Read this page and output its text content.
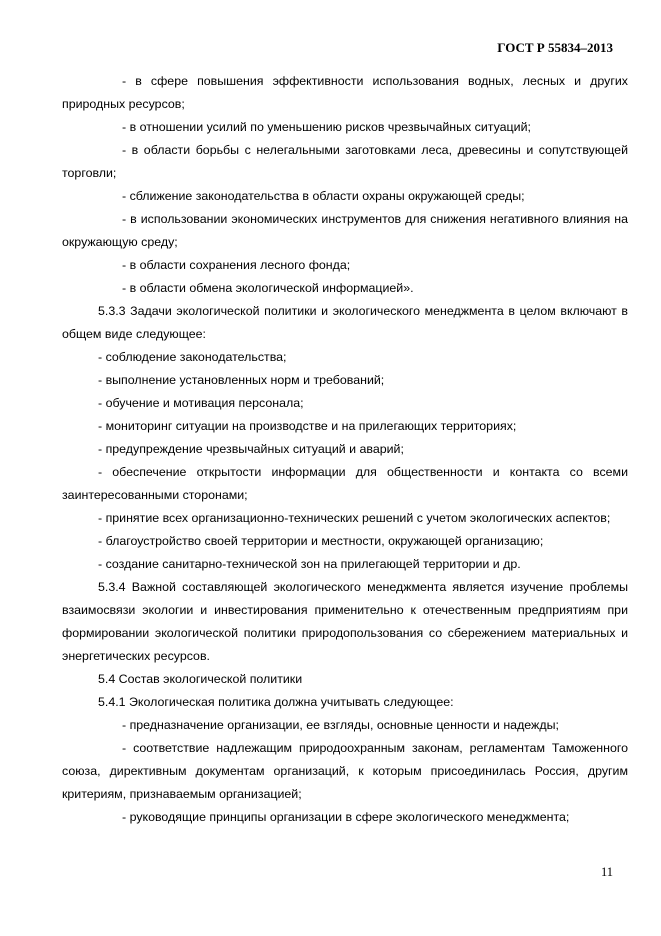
ГОСТ Р 55834–2013

- в сфере повышения эффективности использования водных, лесных и других природных ресурсов;

- в отношении усилий по уменьшению рисков чрезвычайных ситуаций;

- в области борьбы с нелегальными заготовками леса, древесины и сопутствующей торговли;

- сближение законодательства в области охраны окружающей среды;

- в использовании экономических инструментов для снижения негативного влияния на окружающую среду;

- в области сохранения лесного фонда;

- в области обмена экологической информацией».

5.3.3 Задачи экологической политики и экологического менеджмента в целом включают в общем виде следующее:

- соблюдение законодательства;

- выполнение установленных норм и требований;

- обучение и мотивация персонала;

- мониторинг ситуации на производстве и на прилегающих территориях;

- предупреждение чрезвычайных ситуаций и аварий;

- обеспечение открытости информации для общественности и контакта со всеми заинтересованными сторонами;

- принятие всех организационно-технических решений с учетом экологических аспектов;

- благоустройство своей территории и местности, окружающей организацию;

- создание санитарно-технической зон на прилегающей территории и др.

5.3.4 Важной составляющей экологического менеджмента является изучение проблемы взаимосвязи экологии и инвестирования применительно к отечественным предприятиям при формировании экологической политики природопользования со сбережением материальных и энергетических ресурсов.

5.4 Состав экологической политики

5.4.1 Экологическая политика должна учитывать следующее:

- предназначение организации, ее взгляды, основные ценности и надежды;

- соответствие надлежащим природоохранным законам, регламентам Таможенного союза, директивным документам организаций, к которым присоединилась Россия, другим критериям, признаваемым организацией;

- руководящие принципы организации в сфере экологического менеджмента;

11
